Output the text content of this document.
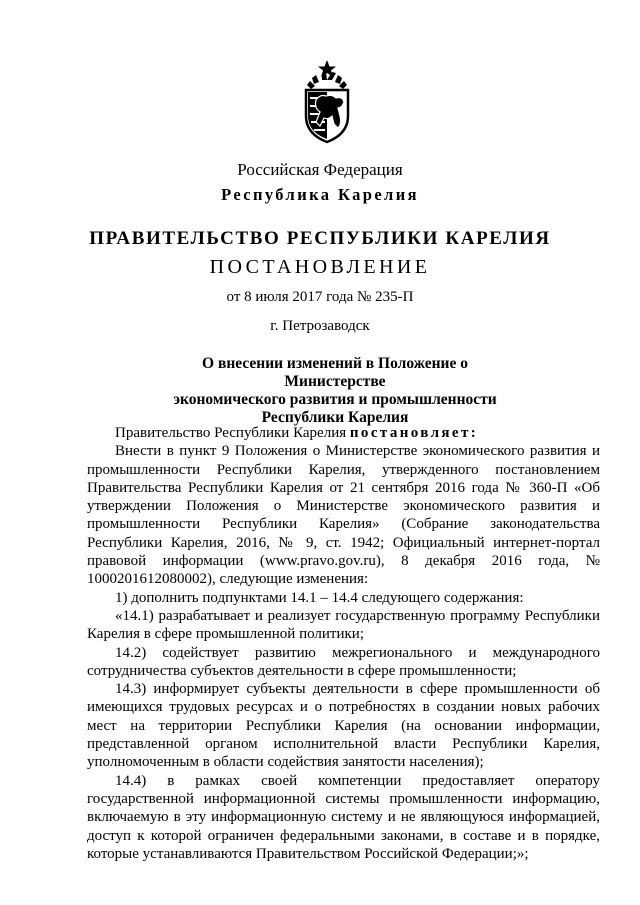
Российская Федерация
Республика Карелия
ПРАВИТЕЛЬСТВО РЕСПУБЛИКИ КАРЕЛИЯ
ПОСТАНОВЛЕНИЕ
от 8 июля 2017 года № 235-П
г. Петрозаводск
О внесении изменений в Положение о Министерстве
экономического развития и промышленности
Республики Карелия

Правительство Республики Карелия постановляет:

Внести в пункт 9 Положения о Министерстве экономического развития и промышленности Республики Карелия, утвержденного постановлением Правительства Республики Карелия от 21 сентября 2016 года № 360-П «Об утверждении Положения о Министерстве экономического развития и промышленности Республики Карелия» (Собрание законодательства Республики Карелия, 2016, № 9, ст. 1942; Официальный интернет-портал правовой информации (www.pravo.gov.ru), 8 декабря 2016 года, № 1000201612080002), следующие изменения:

1) дополнить подпунктами 14.1 – 14.4 следующего содержания:

«14.1) разрабатывает и реализует государственную программу Республики Карелия в сфере промышленной политики;

14.2) содействует развитию межрегионального и международного сотрудничества субъектов деятельности в сфере промышленности;

14.3) информирует субъекты деятельности в сфере промышленности об имеющихся трудовых ресурсах и о потребностях в создании новых рабочих мест на территории Республики Карелия (на основании информации, представленной органом исполнительной власти Республики Карелия, уполномоченным в области содействия занятости населения);

14.4) в рамках своей компетенции предоставляет оператору государственной информационной системы промышленности информацию, включаемую в эту информационную систему и не являющуюся информацией, доступ к которой ограничен федеральными законами, в составе и в порядке, которые устанавливаются Правительством Российской Федерации;»;
